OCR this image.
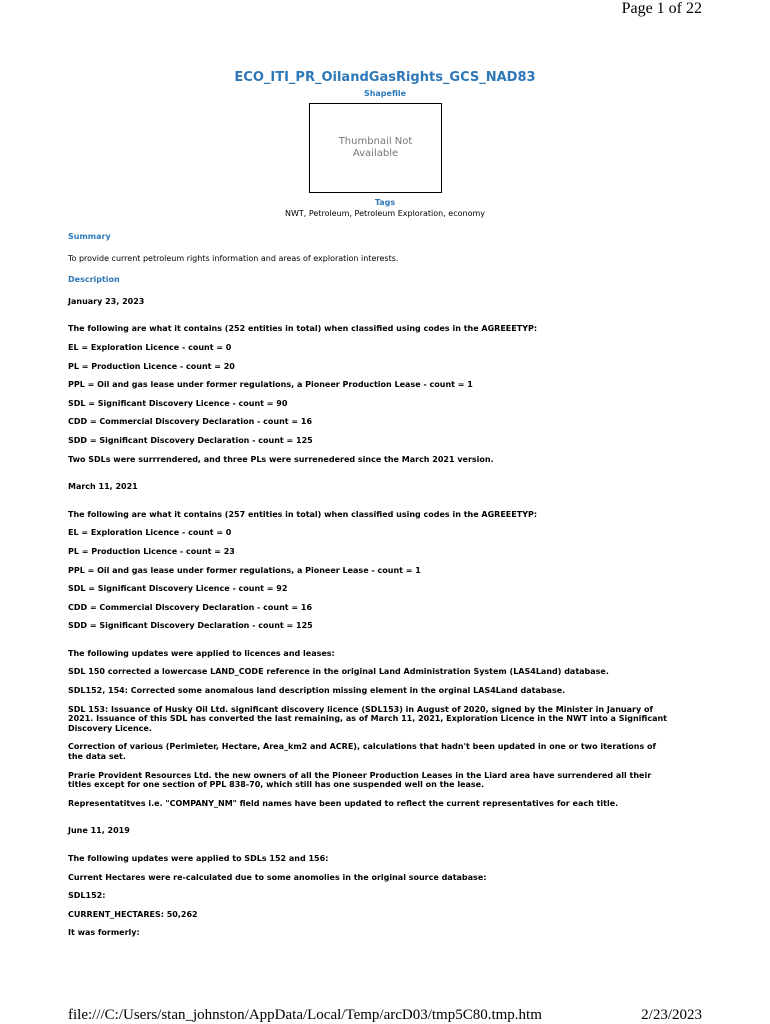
Page 1 of 22
ECO_ITI_PR_OilandGasRights_GCS_NAD83
Shapefile
Thumbnail Not Available
Tags
NWT, Petroleum, Petroleum Exploration, economy

Summary

To provide current petroleum rights information and areas of exploration interests.

Description

January 23, 2023

The following are what it contains (252 entities in total) when classified using codes in the AGREEETYP:

EL = Exploration Licence - count = 0

PL = Production Licence - count = 20

PPL = Oil and gas lease under former regulations, a Pioneer Production Lease - count = 1

SDL = Significant Discovery Licence - count = 90

CDD = Commercial Discovery Declaration - count = 16

SDD = Significant Discovery Declaration - count = 125

Two SDLs were surrrendered, and three PLs were surrenedered since the March 2021 version.

March 11, 2021

The following are what it contains (257 entities in total) when classified using codes in the AGREEETYP:

EL = Exploration Licence - count = 0

PL = Production Licence - count = 23

PPL = Oil and gas lease under former regulations, a Pioneer Lease - count = 1

SDL = Significant Discovery Licence - count = 92

CDD = Commercial Discovery Declaration - count = 16

SDD = Significant Discovery Declaration - count = 125

The following updates were applied to licences and leases:

SDL 150 corrected a lowercase LAND_CODE reference in the original Land Administration System (LAS4Land) database.

SDL152, 154: Corrected some anomalous land description missing element in the orginal LAS4Land database.

SDL 153: Issuance of Husky Oil Ltd. significant discovery licence (SDL153) in August of 2020, signed by the Minister in January of 2021. Issuance of this SDL has converted the last remaining, as of March 11, 2021, Exploration Licence in the NWT into a Significant Discovery Licence.

Correction of various (Perimieter, Hectare, Area_km2 and ACRE), calculations that hadn't been updated in one or two iterations of the data set.

Prarie Provident Resources Ltd. the new owners of all the Pioneer Production Leases in the Liard area have surrendered all their titles except for one section of PPL 838-70, which still has one suspended well on the lease.

Representatitves i.e. "COMPANY_NM" field names have been updated to reflect the current representatives for each title.

June 11, 2019

The following updates were applied to SDLs 152 and 156:

Current Hectares were re-calculated due to some anomolies in the original source database:

SDL152:

CURRENT_HECTARES: 50,262

It was formerly:

file:///C:/Users/stan_johnston/AppData/Local/Temp/arcD03/tmp5C80.tmp.htm	2/23/2023
